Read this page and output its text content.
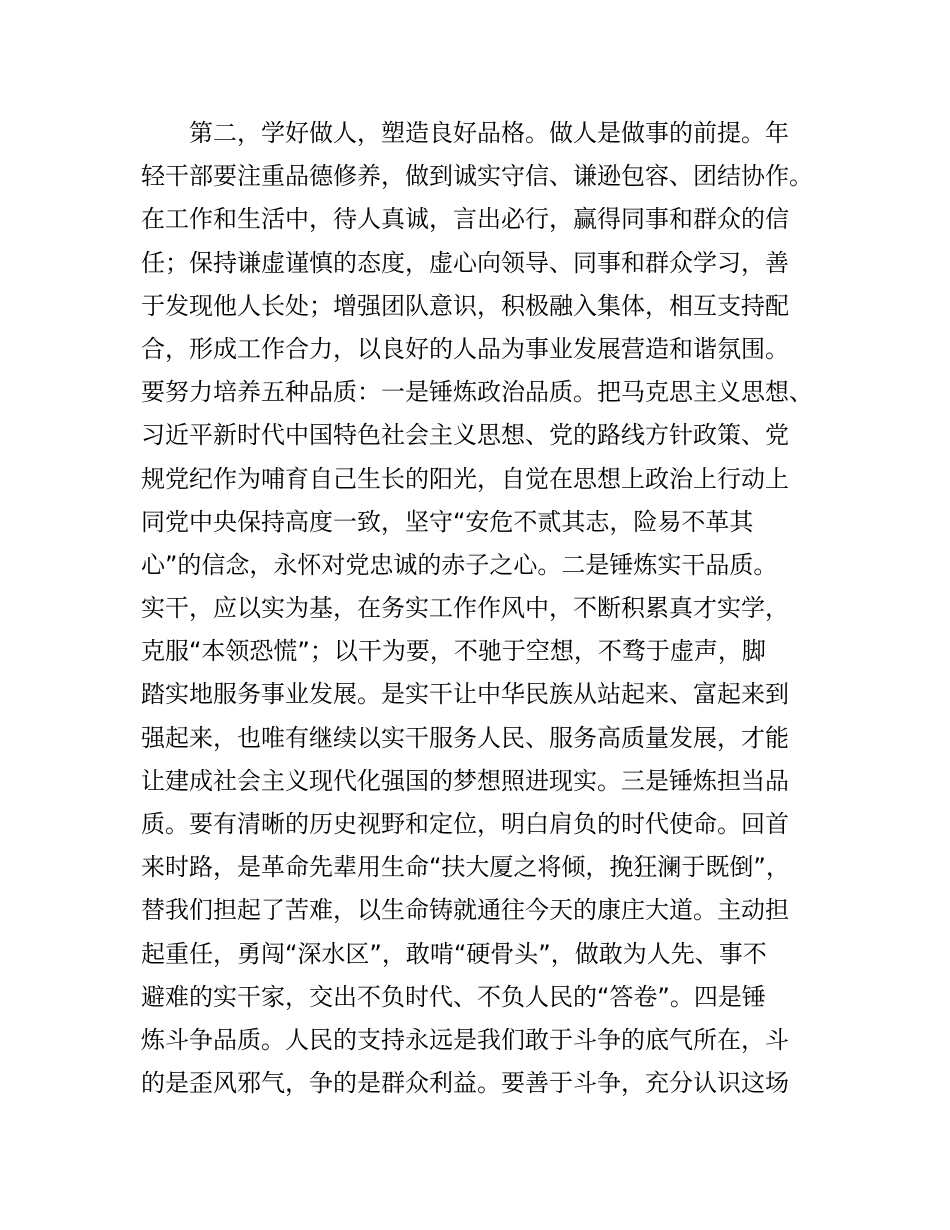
第二，学好做人，塑造良好品格。做人是做事的前提。年
轻干部要注重品德修养，做到诚实守信、谦逊包容、团结协作。
在工作和生活中，待人真诚，言出必行，赢得同事和群众的信
任；保持谦虚谨慎的态度，虚心向领导、同事和群众学习，善
于发现他人长处；增强团队意识，积极融入集体，相互支持配
合，形成工作合力，以良好的人品为事业发展营造和谐氛围。
要努力培养五种品质：一是锤炼政治品质。把马克思主义思想、
习近平新时代中国特色社会主义思想、党的路线方针政策、党
规党纪作为哺育自己生长的阳光，自觉在思想上政治上行动上
同党中央保持高度一致，坚守“安危不贰其志，险易不革其
心”的信念，永怀对党忠诚的赤子之心。二是锤炼实干品质。
实干，应以实为基，在务实工作作风中，不断积累真才实学，
克服“本领恐慌”；以干为要，不驰于空想，不骛于虚声，脚
踏实地服务事业发展。是实干让中华民族从站起来、富起来到
强起来，也唯有继续以实干服务人民、服务高质量发展，才能
让建成社会主义现代化强国的梦想照进现实。三是锤炼担当品
质。要有清晰的历史视野和定位，明白肩负的时代使命。回首
来时路，是革命先辈用生命“扶大厦之将倾，挽狂澜于既倒”，
替我们担起了苦难，以生命铸就通往今天的康庄大道。主动担
起重任，勇闯“深水区”，敢啃“硬骨头”，做敢为人先、事不
避难的实干家，交出不负时代、不负人民的“答卷”。四是锤
炼斗争品质。人民的支持永远是我们敢于斗争的底气所在，斗
的是歪风邪气，争的是群众利益。要善于斗争，充分认识这场
